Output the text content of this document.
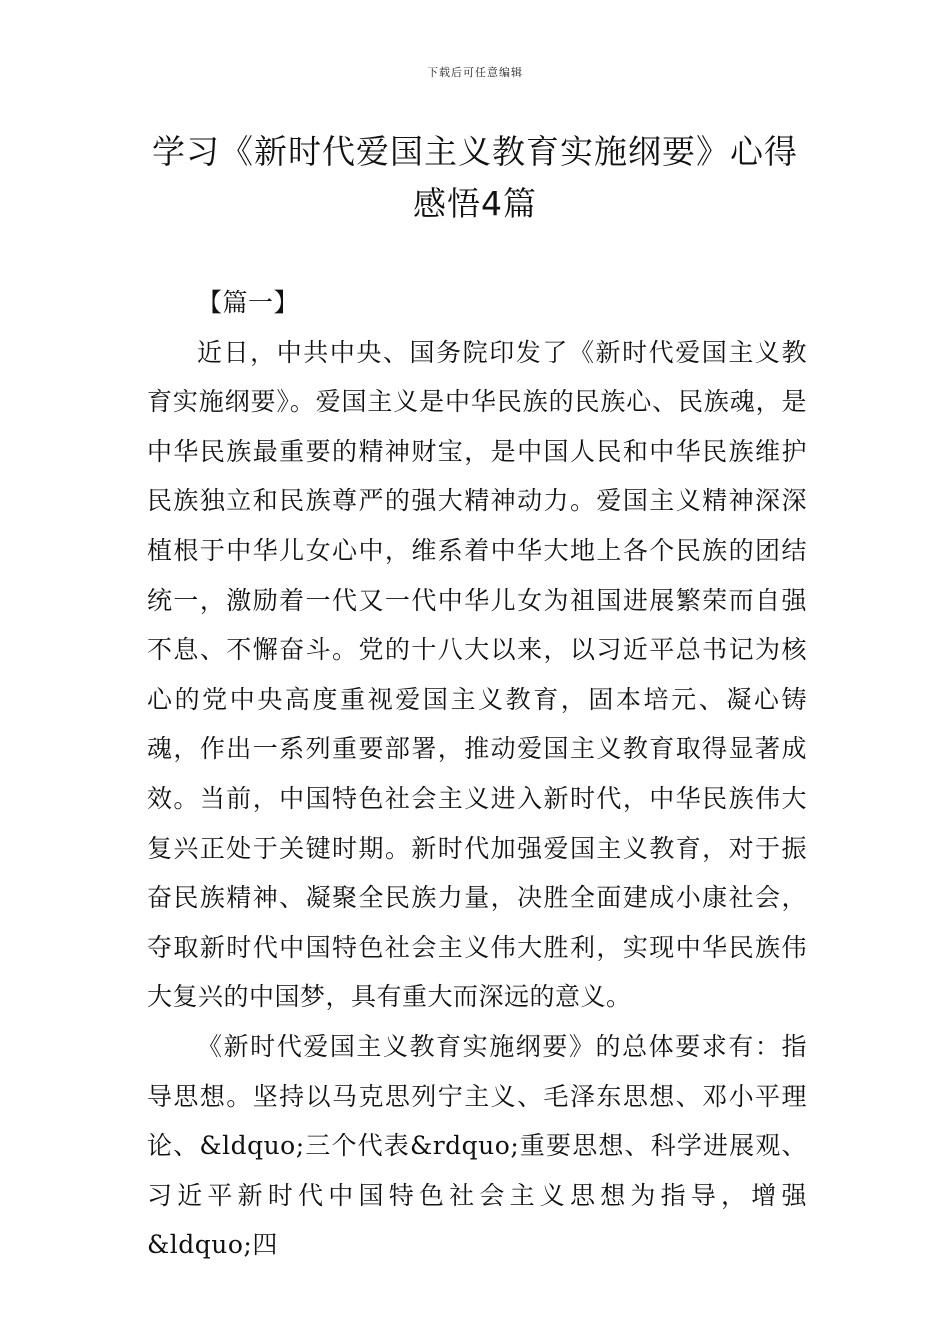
下载后可任意编辑
学习《新时代爱国主义教育实施纲要》心得感悟4篇

【篇一】

近日，中共中央、国务院印发了《新时代爱国主义教育实施纲要》。爱国主义是中华民族的民族心、民族魂，是中华民族最重要的精神财宝，是中国人民和中华民族维护民族独立和民族尊严的强大精神动力。爱国主义精神深深植根于中华儿女心中，维系着中华大地上各个民族的团结统一，激励着一代又一代中华儿女为祖国进展繁荣而自强不息、不懈奋斗。党的十八大以来，以习近平总书记为核心的党中央高度重视爱国主义教育，固本培元、凝心铸魂，作出一系列重要部署，推动爱国主义教育取得显著成效。当前，中国特色社会主义进入新时代，中华民族伟大复兴正处于关键时期。新时代加强爱国主义教育，对于振奋民族精神、凝聚全民族力量，决胜全面建成小康社会，夺取新时代中国特色社会主义伟大胜利，实现中华民族伟大复兴的中国梦，具有重大而深远的意义。

《新时代爱国主义教育实施纲要》的总体要求有：指导思想。坚持以马克思列宁主义、毛泽东思想、邓小平理论、&ldquo;三个代表&rdquo;重要思想、科学进展观、习近平新时代中国特色社会主义思想为指导，增强&ldquo;四
